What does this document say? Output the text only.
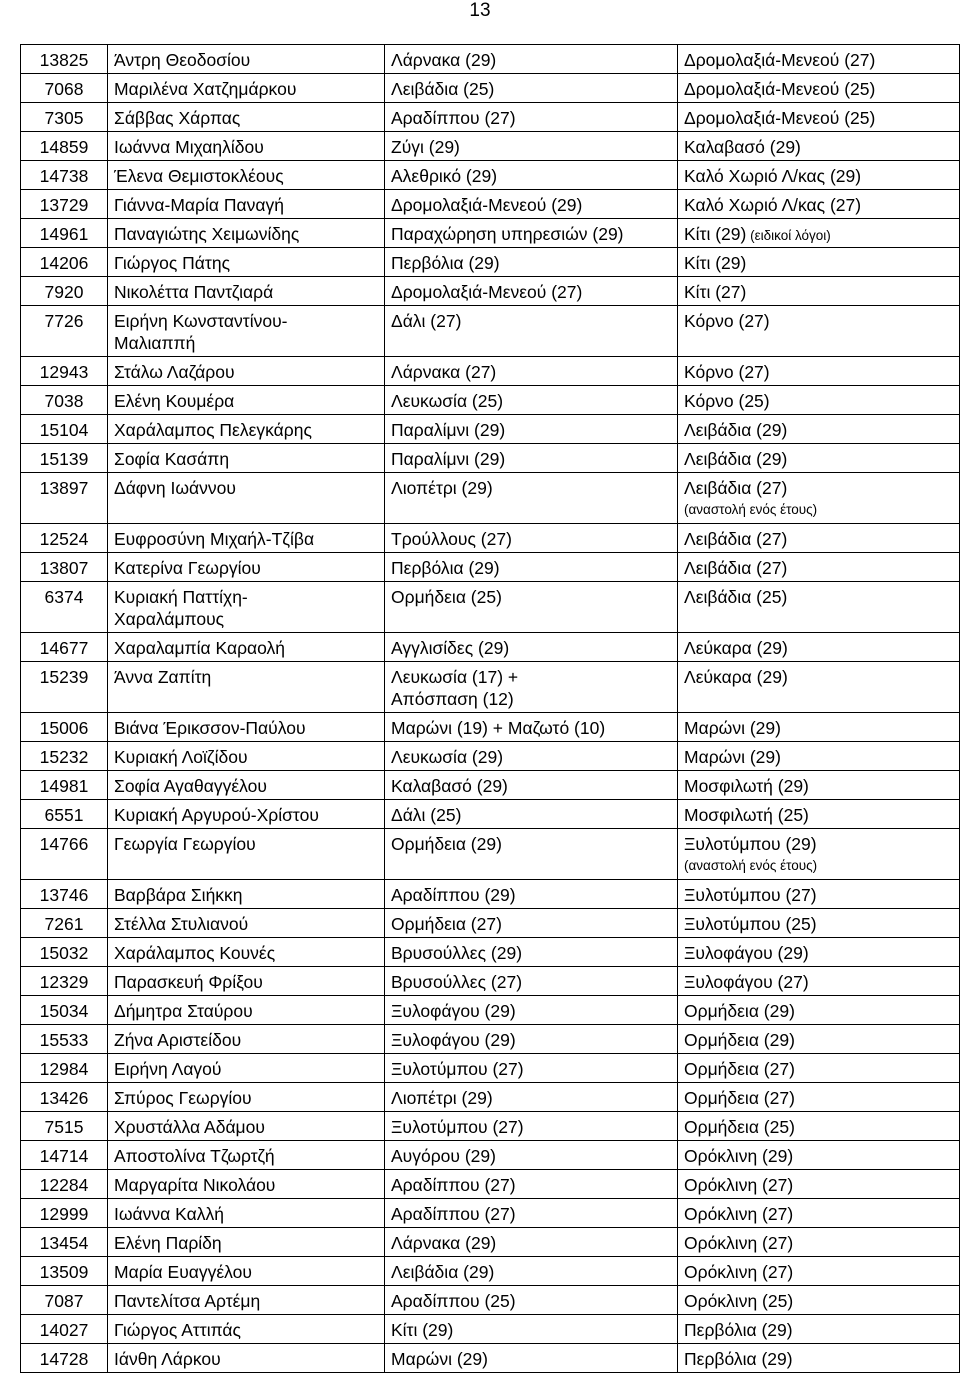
13
13825	Άντρη Θεοδοσίου	Λάρνακα (29)	Δρομολαξιά-Μενεού (27)

7068	Μαριλένα Χατζημάρκου	Λειβάδια (25)	Δρομολαξιά-Μενεού (25)

7305	Σάββας Χάρπας	Αραδίππου (27)	Δρομολαξιά-Μενεού (25)

14859	Ιωάννα Μιχαηλίδου	Ζύγι (29)	Καλαβασό (29)

14738	Έλενα Θεμιστοκλέους	Αλεθρικό (29)	Καλό Χωριό Λ/κας (29)

13729	Γιάννα-Μαρία Παναγή	Δρομολαξιά-Μενεού (29)	Καλό Χωριό Λ/κας (27)

14961	Παναγιώτης Χειμωνίδης	Παραχώρηση υπηρεσιών (29)	Κίτι (29) (ειδικοί λόγοι)

14206	Γιώργος Πάτης	Περβόλια (29)	Κίτι (29)

7920	Νικολέττα Παντζιαρά	Δρομολαξιά-Μενεού (27)	Κίτι (27)

7726	Ειρήνη Κωνσταντίνου-
Μαλιαππή	Δάλι (27)	Κόρνο (27)

12943	Στάλω Λαζάρου	Λάρνακα (27)	Κόρνο (27)

7038	Ελένη Κουμέρα	Λευκωσία (25)	Κόρνο (25)

15104	Χαράλαμπος Πελεγκάρης	Παραλίμνι (29)	Λειβάδια (29)

15139	Σοφία Κασάπη	Παραλίμνι (29)	Λειβάδια (29)

13897	Δάφνη Ιωάννου	Λιοπέτρι (29)	Λειβάδια (27)
(αναστολή ενός έτους)

12524	Ευφροσύνη Μιχαήλ-Τζίβα	Τρούλλους (27)	Λειβάδια (27)

13807	Κατερίνα Γεωργίου	Περβόλια (29)	Λειβάδια (27)

6374	Κυριακή Παττίχη-
Χαραλάμπους	Ορμήδεια (25)	Λειβάδια (25)

14677	Χαραλαμπία Καραολή	Αγγλισίδες (29)	Λεύκαρα (29)

15239	Άννα Ζαπίτη	Λευκωσία (17) +
Απόσπαση (12)	Λεύκαρα (29)

15006	Βιάνα Έρικσσον-Παύλου	Μαρώνι (19) + Μαζωτό (10)	Μαρώνι (29)

15232	Κυριακή Λοϊζίδου	Λευκωσία (29)	Μαρώνι (29)

14981	Σοφία Αγαθαγγέλου	Καλαβασό (29)	Μοσφιλωτή (29)

6551	Κυριακή Αργυρού-Χρίστου	Δάλι (25)	Μοσφιλωτή (25)

14766	Γεωργία Γεωργίου	Ορμήδεια (29)	Ξυλοτύμπου (29)
(αναστολή ενός έτους)

13746	Βαρβάρα Σιήκκη	Αραδίππου (29)	Ξυλοτύμπου (27)

7261	Στέλλα Στυλιανού	Ορμήδεια (27)	Ξυλοτύμπου (25)

15032	Χαράλαμπος Κουνές	Βρυσούλλες (29)	Ξυλοφάγου (29)

12329	Παρασκευή Φρίξου	Βρυσούλλες (27)	Ξυλοφάγου (27)

15034	Δήμητρα Σταύρου	Ξυλοφάγου (29)	Ορμήδεια (29)

15533	Ζήνα Αριστείδου	Ξυλοφάγου (29)	Ορμήδεια (29)

12984	Ειρήνη Λαγού	Ξυλοτύμπου (27)	Ορμήδεια (27)

13426	Σπύρος Γεωργίου	Λιοπέτρι (29)	Ορμήδεια (27)

7515	Χρυστάλλα Αδάμου	Ξυλοτύμπου (27)	Ορμήδεια (25)

14714	Αποστολίνα Τζωρτζή	Αυγόρου (29)	Ορόκλινη (29)

12284	Μαργαρίτα Νικολάου	Αραδίππου (27)	Ορόκλινη (27)

12999	Ιωάννα Καλλή	Αραδίππου (27)	Ορόκλινη (27)

13454	Ελένη Παρίδη	Λάρνακα (29)	Ορόκλινη (27)

13509	Μαρία Ευαγγέλου	Λειβάδια (29)	Ορόκλινη (27)

7087	Παντελίτσα Αρτέμη	Αραδίππου (25)	Ορόκλινη (25)

14027	Γιώργος Αττιπάς	Κίτι (29)	Περβόλια (29)

14728	Ιάνθη Λάρκου	Μαρώνι (29)	Περβόλια (29)
